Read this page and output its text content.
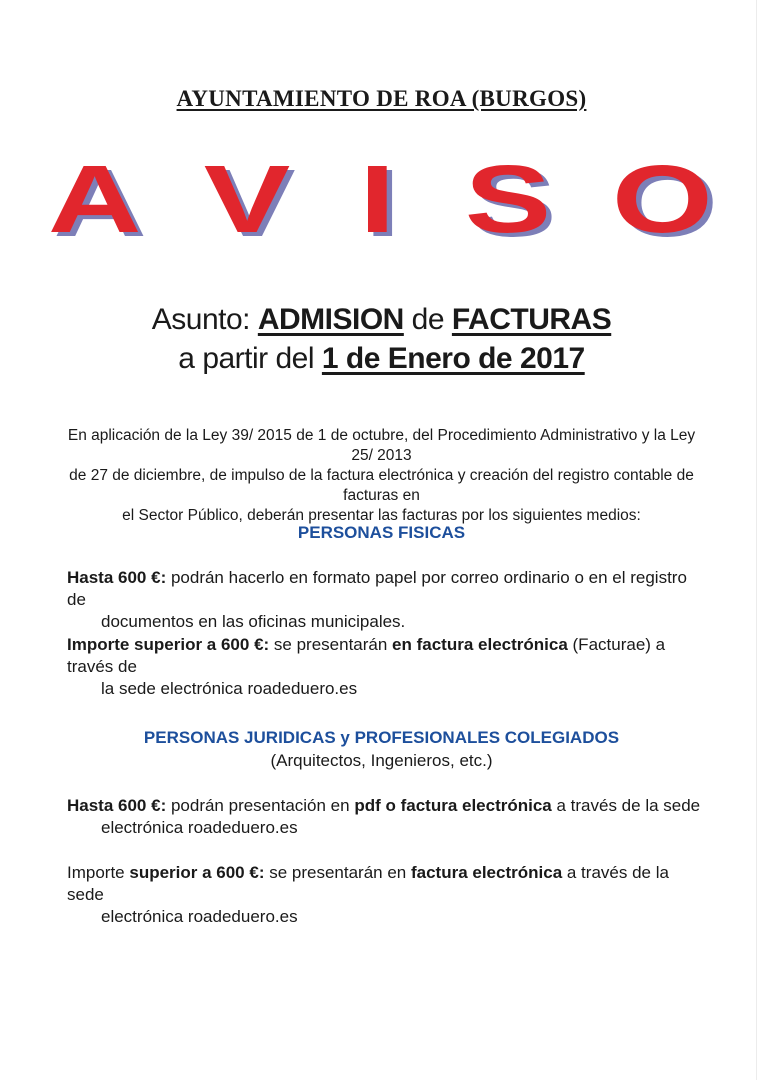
AYUNTAMIENTO DE ROA (BURGOS)
A V I S O
Asunto: ADMISION de FACTURAS
a partir del 1 de Enero de 2017
En aplicación de la Ley 39/ 2015 de 1 de octubre, del Procedimiento Administrativo y la Ley 25/ 2013
de 27 de diciembre, de impulso de la factura electrónica y creación del registro contable de facturas en
el Sector Público, deberán presentar las facturas por los siguientes medios:
PERSONAS FISICAS
Hasta 600 €: podrán hacerlo en formato papel por correo ordinario o en el registro de
documentos en las oficinas municipales.
Importe superior a 600 €: se presentarán en factura electrónica (Facturae) a través de
la sede electrónica roadeduero.es
PERSONAS JURIDICAS y PROFESIONALES COLEGIADOS
(Arquitectos, Ingenieros, etc.)
Hasta 600 €: podrán presentación en pdf o factura electrónica a través de la sede
electrónica roadeduero.es
Importe superior a 600 €: se presentarán en factura electrónica a través de la sede
electrónica roadeduero.es
